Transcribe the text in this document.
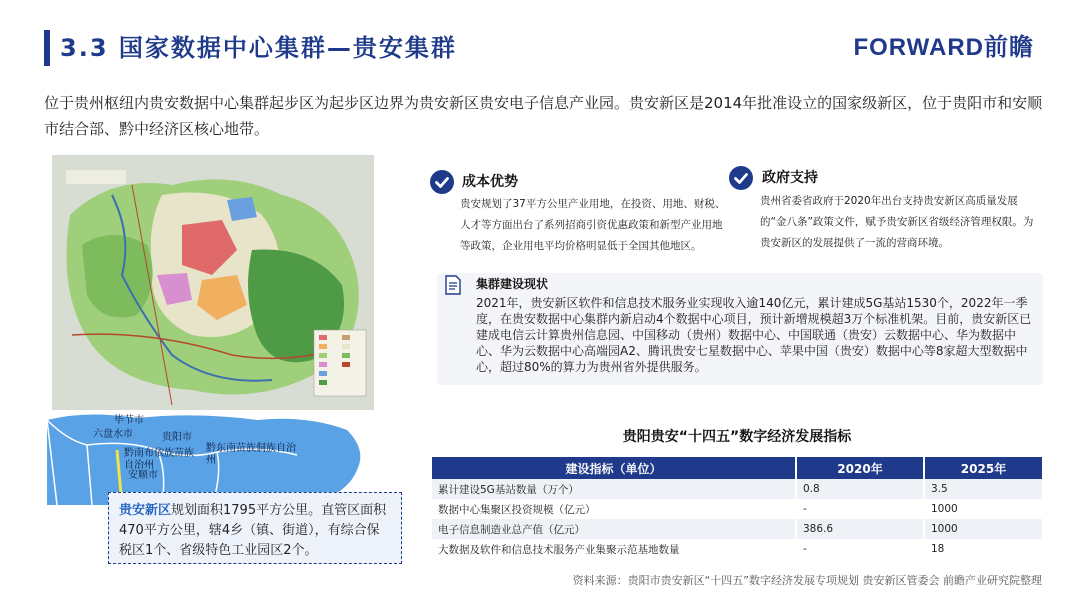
3.3 国家数据中心集群—贵安集群	FORWARD前瞻
位于贵州枢纽内贵安数据中心集群起步区为起步区边界为贵安新区贵安电子信息产业园。贵安新区是2014年批准设立的国家级新区，位于贵阳市和安顺市结合部、黔中经济区核心地带。
毕节市
六盘水市	贵阳市
黔东南苗族侗族自治州
黔南布依族苗族自治州
安顺市
贵安新区规划面积1795平方公里。直管区面积470平方公里，辖4乡（镇、街道），有综合保税区1个、省级特色工业园区2个。
成本优势
贵安规划了37平方公里产业用地，在投资、用地、财税、人才等方面出台了系列招商引资优惠政策和新型产业用地等政策，企业用电平均价格明显低于全国其他地区。
政府支持
贵州省委省政府于2020年出台支持贵安新区高质量发展的“金八条”政策文件，赋予贵安新区省级经济管理权限。为贵安新区的发展提供了一流的营商环境。
集群建设现状
2021年，贵安新区软件和信息技术服务业实现收入逾140亿元，累计建成5G基站1530个，2022年一季度，在贵安数据中心集群内新启动4个数据中心项目，预计新增规模超3万个标准机架。目前，贵安新区已建成电信云计算贵州信息园、中国移动（贵州）数据中心、中国联通（贵安）云数据中心、华为数据中心、华为云数据中心高端园A2、腾讯贵安七星数据中心、苹果中国（贵安）数据中心等8家超大型数据中心，超过80%的算力为贵州省外提供服务。
贵阳贵安“十四五”数字经济发展指标
建设指标（单位）	2020年	2025年
累计建设5G基站数量（万个）	0.8	3.5
数据中心集聚区投资规模（亿元）	-	1000
电子信息制造业总产值（亿元）	386.6	1000
大数据及软件和信息技术服务产业集聚示范基地数量	-	18
资料来源：贵阳市贵安新区“十四五”数字经济发展专项规划 贵安新区管委会 前瞻产业研究院整理
